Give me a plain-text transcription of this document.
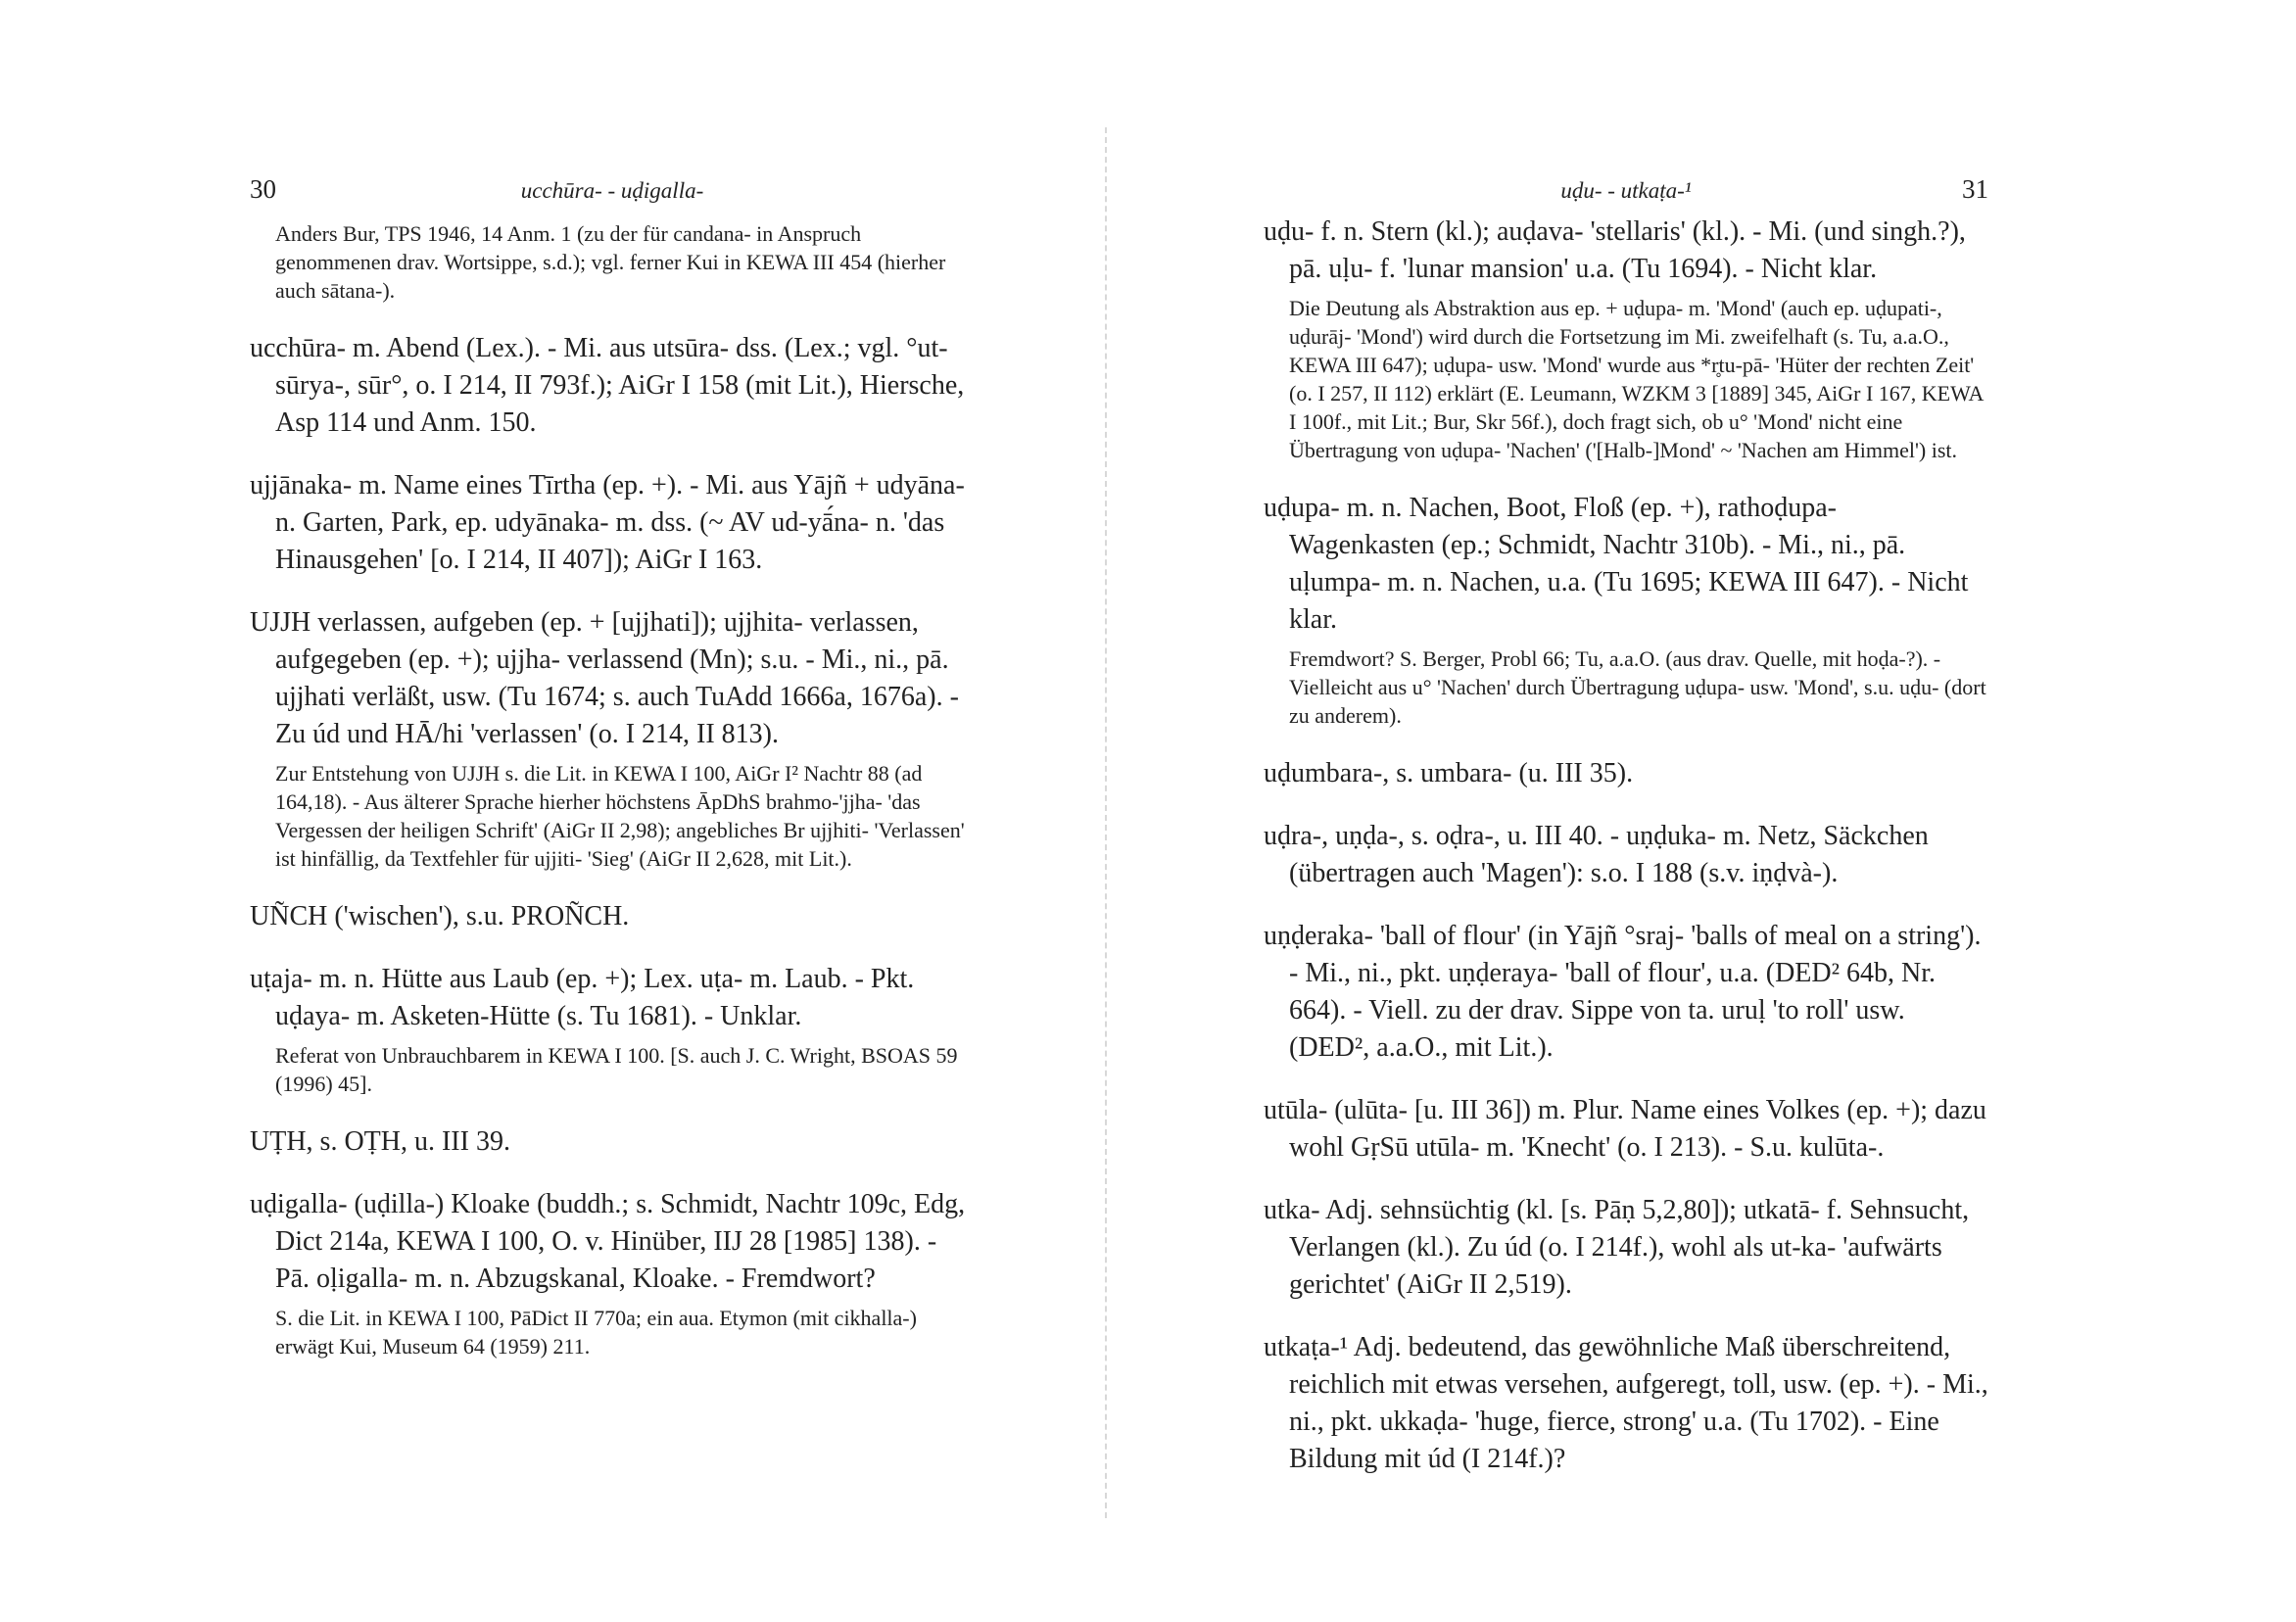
30	ucchūra- - uḍigalla-

Anders Bur, TPS 1946, 14 Anm. 1 (zu der für candana- in Anspruch genommenen drav. Wortsippe, s.d.); vgl. ferner Kui in KEWA III 454 (hierher auch sātana-).

ucchūra- m. Abend (Lex.). - Mi. aus utsūra- dss. (Lex.; vgl. °ut-sūrya-, sūr°, o. I 214, II 793f.); AiGr I 158 (mit Lit.), Hiersche, Asp 114 und Anm. 150.

ujjānaka- m. Name eines Tīrtha (ep. +). - Mi. aus Yājñ + udyāna- n. Garten, Park, ep. udyānaka- m. dss. (~ AV ud-yā́na- n. 'das Hinausgehen' [o. I 214, II 407]); AiGr I 163.

UJJH verlassen, aufgeben (ep. + [ujjhati]); ujjhita- verlassen, aufgegeben (ep. +); ujjha- verlassend (Mn); s.u. - Mi., ni., pā. ujjhati verläßt, usw. (Tu 1674; s. auch TuAdd 1666a, 1676a). - Zu úd und HĀ/hi 'verlassen' (o. I 214, II 813).

Zur Entstehung von UJJH s. die Lit. in KEWA I 100, AiGr I² Nachtr 88 (ad 164,18). - Aus älterer Sprache hierher höchstens ĀpDhS brahmo-'jjha- 'das Vergessen der heiligen Schrift' (AiGr II 2,98); angebliches Br ujjhiti- 'Verlassen' ist hinfällig, da Textfehler für ujjiti- 'Sieg' (AiGr II 2,628, mit Lit.).

UÑCH ('wischen'), s.u. PROÑCH.

uṭaja- m. n. Hütte aus Laub (ep. +); Lex. uṭa- m. Laub. - Pkt. uḍaya- m. Asketen-Hütte (s. Tu 1681). - Unklar.

Referat von Unbrauchbarem in KEWA I 100. [S. auch J. C. Wright, BSOAS 59 (1996) 45].

UṬH, s. OṬH, u. III 39.

uḍigalla- (uḍilla-) Kloake (buddh.; s. Schmidt, Nachtr 109c, Edg, Dict 214a, KEWA I 100, O. v. Hinüber, IIJ 28 [1985] 138). - Pā. oḷigalla- m. n. Abzugskanal, Kloake. - Fremdwort?

S. die Lit. in KEWA I 100, PāDict II 770a; ein aua. Etymon (mit cikhalla-) erwägt Kui, Museum 64 (1959) 211.

uḍu- - utkaṭa-¹	31

uḍu- f. n. Stern (kl.); auḍava- 'stellaris' (kl.). - Mi. (und singh.?), pā. uḷu- f. 'lunar mansion' u.a. (Tu 1694). - Nicht klar.

Die Deutung als Abstraktion aus ep. + uḍupa- m. 'Mond' (auch ep. uḍupati-, uḍurāj- 'Mond') wird durch die Fortsetzung im Mi. zweifelhaft (s. Tu, a.a.O., KEWA III 647); uḍupa- usw. 'Mond' wurde aus *r̥tu-pā- 'Hüter der rechten Zeit' (o. I 257, II 112) erklärt (E. Leumann, WZKM 3 [1889] 345, AiGr I 167, KEWA I 100f., mit Lit.; Bur, Skr 56f.), doch fragt sich, ob u° 'Mond' nicht eine Übertragung von uḍupa- 'Nachen' ('[Halb-]Mond' ~ 'Nachen am Himmel') ist.

uḍupa- m. n. Nachen, Boot, Floß (ep. +), rathoḍupa- Wagenkasten (ep.; Schmidt, Nachtr 310b). - Mi., ni., pā. uḷumpa- m. n. Nachen, u.a. (Tu 1695; KEWA III 647). - Nicht klar.

Fremdwort? S. Berger, Probl 66; Tu, a.a.O. (aus drav. Quelle, mit hoḍa-?). - Vielleicht aus u° 'Nachen' durch Übertragung uḍupa- usw. 'Mond', s.u. uḍu- (dort zu anderem).

uḍumbara-, s. umbara- (u. III 35).

uḍra-, uṇḍa-, s. oḍra-, u. III 40. - uṇḍuka- m. Netz, Säckchen (übertragen auch 'Magen'): s.o. I 188 (s.v. iṇḍvà-).

uṇḍeraka- 'ball of flour' (in Yājñ °sraj- 'balls of meal on a string'). - Mi., ni., pkt. uṇḍeraya- 'ball of flour', u.a. (DED² 64b, Nr. 664). - Viell. zu der drav. Sippe von ta. uruḷ 'to roll' usw. (DED², a.a.O., mit Lit.).

utūla- (ulūta- [u. III 36]) m. Plur. Name eines Volkes (ep. +); dazu wohl GṛSū utūla- m. 'Knecht' (o. I 213). - S.u. kulūta-.

utka- Adj. sehnsüchtig (kl. [s. Pāṇ 5,2,80]); utkatā- f. Sehnsucht, Verlangen (kl.). Zu úd (o. I 214f.), wohl als ut-ka- 'aufwärts gerichtet' (AiGr II 2,519).

utkaṭa-¹ Adj. bedeutend, das gewöhnliche Maß überschreitend, reichlich mit etwas versehen, aufgeregt, toll, usw. (ep. +). - Mi., ni., pkt. ukkaḍa- 'huge, fierce, strong' u.a. (Tu 1702). - Eine Bildung mit úd (I 214f.)?
